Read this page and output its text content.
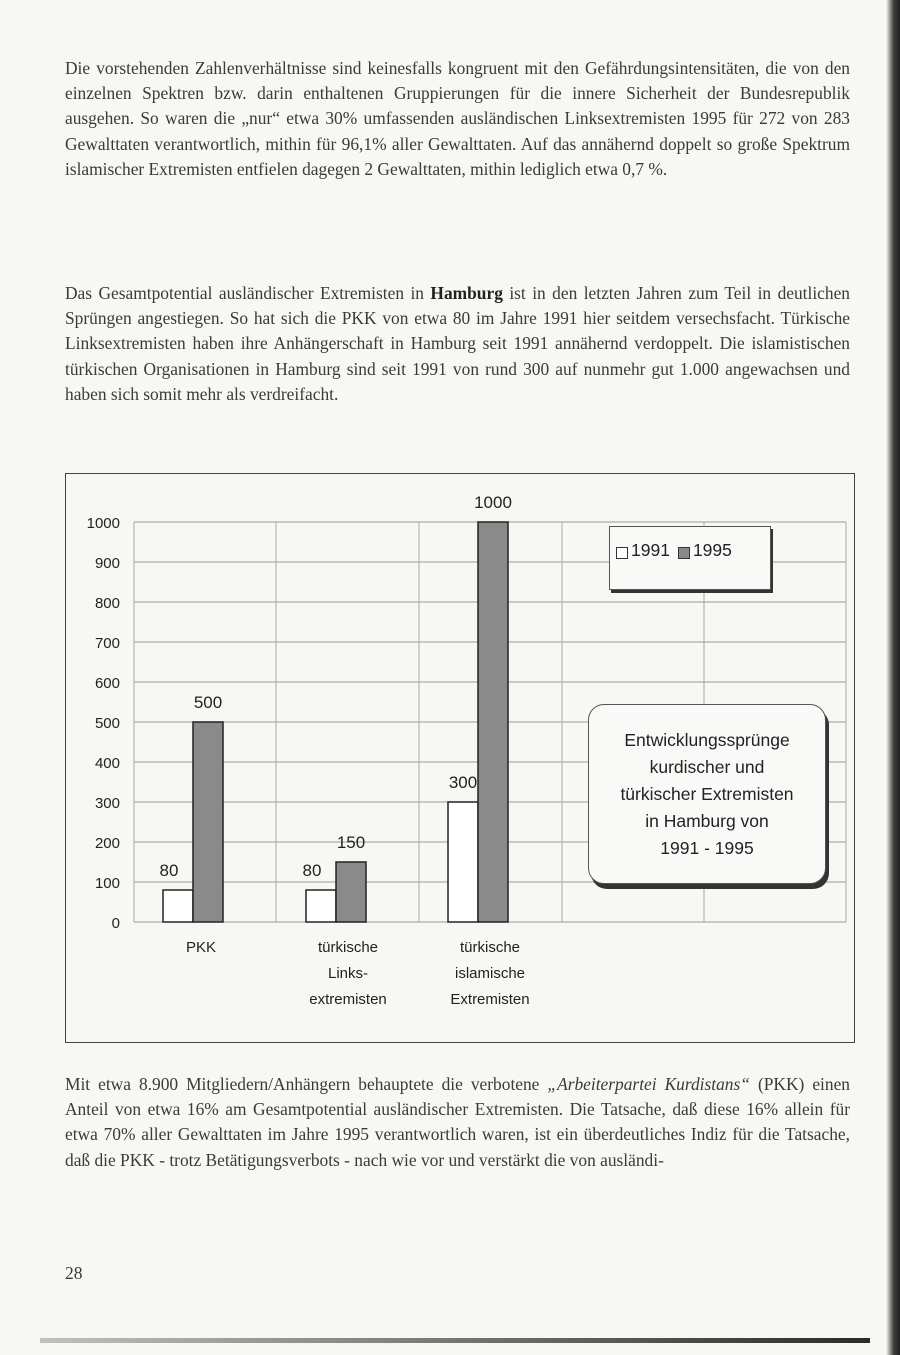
Die vorstehenden Zahlenverhältnisse sind keinesfalls kongruent mit den Gefährdungsintensitäten, die von den einzelnen Spektren bzw. darin enthaltenen Gruppierungen für die innere Sicherheit der Bundesrepublik ausgehen. So waren die „nur“ etwa 30% umfassenden ausländischen Linksextremisten 1995 für 272 von 283 Gewalttaten verantwortlich, mithin für 96,1% aller Gewalttaten. Auf das annähernd doppelt so große Spektrum islamischer Extremisten entfielen dagegen 2 Gewalttaten, mithin lediglich etwa 0,7 %.

Das Gesamtpotential ausländischer Extremisten in Hamburg ist in den letzten Jahren zum Teil in deutlichen Sprüngen angestiegen. So hat sich die PKK von etwa 80 im Jahre 1991 hier seitdem versechsfacht. Türkische Linksextremisten haben ihre Anhängerschaft in Hamburg seit 1991 annähernd verdoppelt. Die islamistischen türkischen Organisationen in Hamburg sind seit 1991 von rund 300 auf nunmehr gut 1.000 angewachsen und haben sich somit mehr als verdreifacht.

0
100
200
300
400
500
600
700
800
900
1000
PKK	türkische
Links-
extremisten
türkische
islamische
Extremisten
80
500
80
150
300
1000
1991 1995
Entwicklungssprünge
kurdischer und
türkischer Extremisten
in Hamburg von
1991 - 1995

Mit etwa 8.900 Mitgliedern/Anhängern behauptete die verbotene „Arbeiterpartei Kurdistans“ (PKK) einen Anteil von etwa 16% am Gesamtpotential ausländischer Extremisten. Die Tatsache, daß diese 16% allein für etwa 70% aller Gewalttaten im Jahre 1995 verantwortlich waren, ist ein überdeutliches Indiz für die Tatsache, daß die PKK - trotz Betätigungsverbots - nach wie vor und verstärkt die von ausländi-

28
